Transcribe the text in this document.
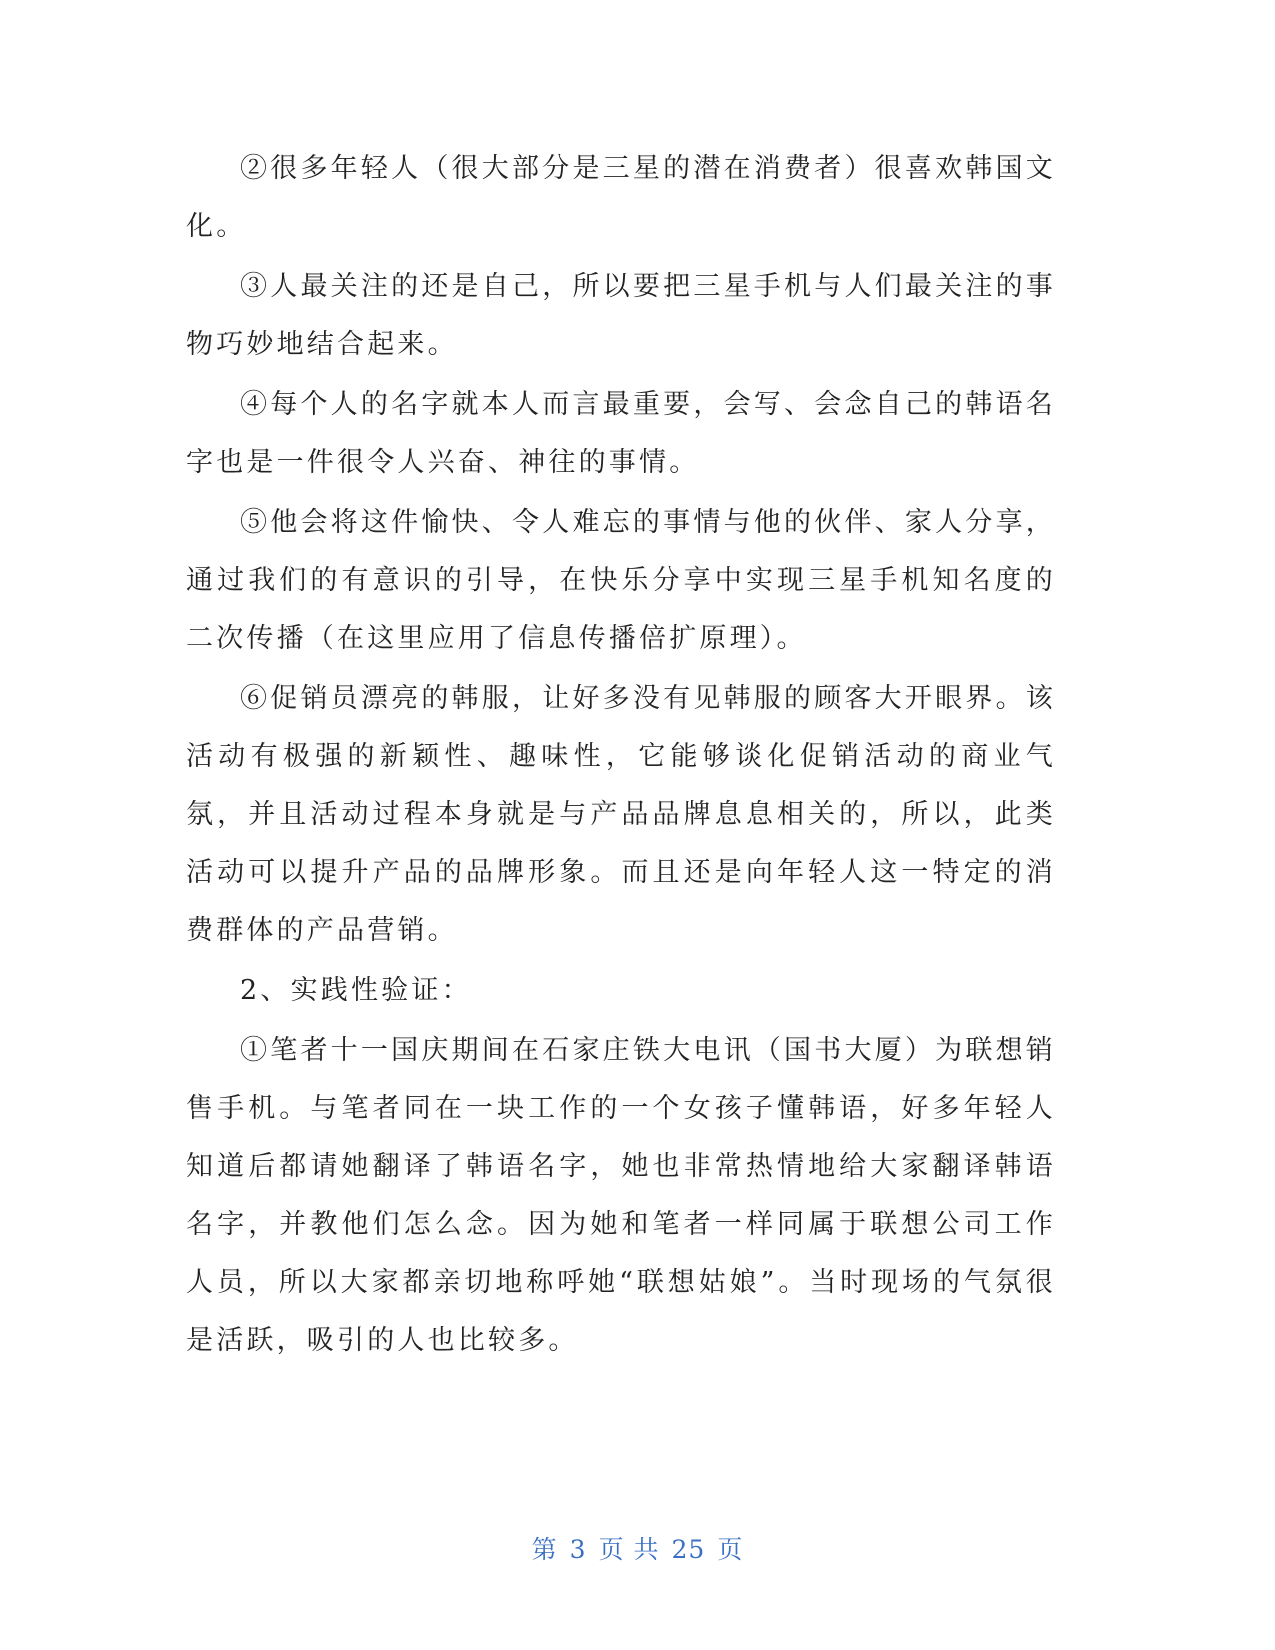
②很多年轻人（很大部分是三星的潜在消费者）很喜欢韩国文化。

③人最关注的还是自己，所以要把三星手机与人们最关注的事物巧妙地结合起来。

④每个人的名字就本人而言最重要，会写、会念自己的韩语名字也是一件很令人兴奋、神往的事情。

⑤他会将这件愉快、令人难忘的事情与他的伙伴、家人分享，通过我们的有意识的引导，在快乐分享中实现三星手机知名度的二次传播（在这里应用了信息传播倍扩原理）。

⑥促销员漂亮的韩服，让好多没有见韩服的顾客大开眼界。该活动有极强的新颖性、趣味性，它能够谈化促销活动的商业气氛，并且活动过程本身就是与产品品牌息息相关的，所以，此类活动可以提升产品的品牌形象。而且还是向年轻人这一特定的消费群体的产品营销。

2、实践性验证：

①笔者十一国庆期间在石家庄铁大电讯（国书大厦）为联想销售手机。与笔者同在一块工作的一个女孩子懂韩语，好多年轻人知道后都请她翻译了韩语名字，她也非常热情地给大家翻译韩语名字，并教他们怎么念。因为她和笔者一样同属于联想公司工作人员，所以大家都亲切地称呼她“联想姑娘”。当时现场的气氛很是活跃，吸引的人也比较多。

第 3 页 共 25 页
